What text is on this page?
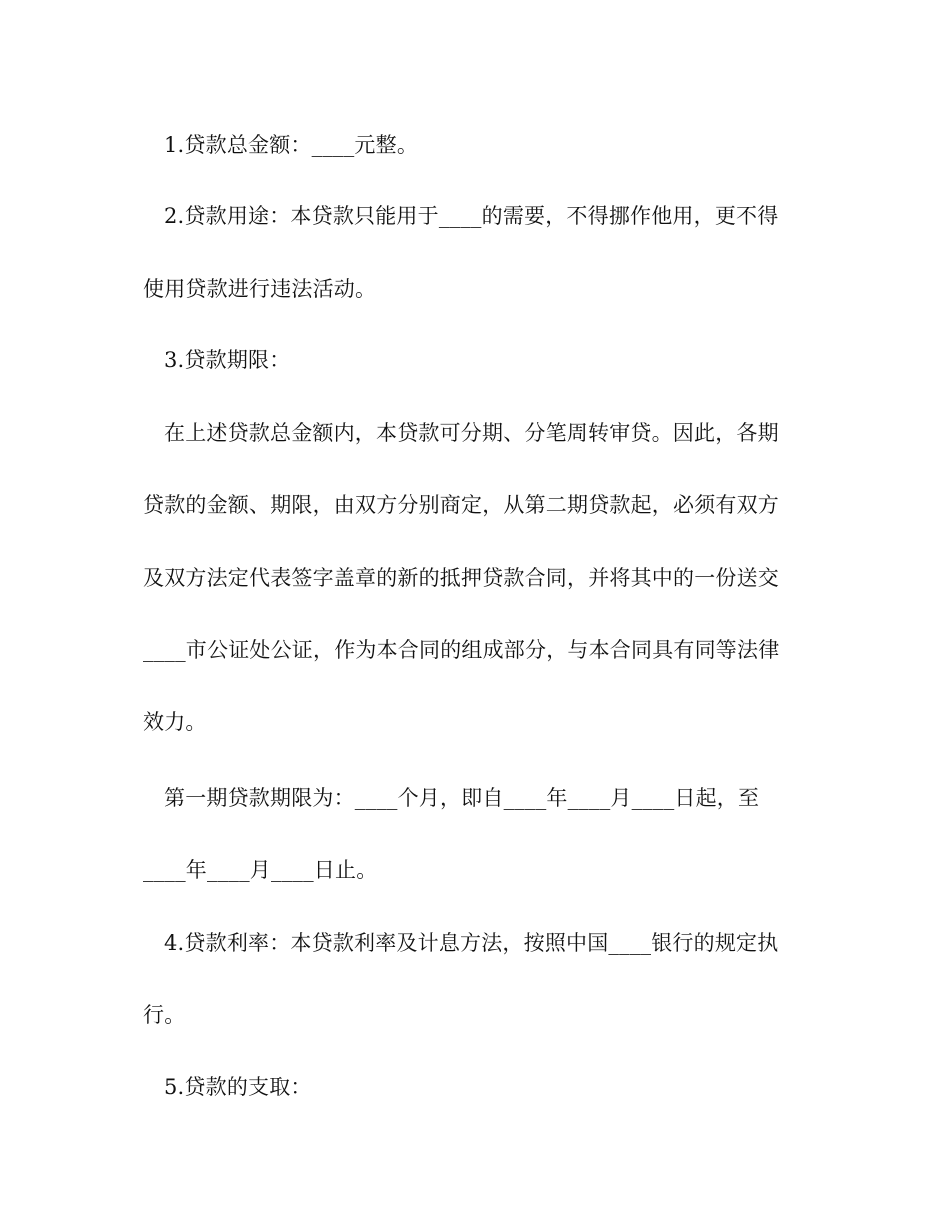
1.贷款总金额：____元整。
2.贷款用途：本贷款只能用于____的需要，不得挪作他用，更不得
使用贷款进行违法活动。
3.贷款期限：
在上述贷款总金额内，本贷款可分期、分笔周转审贷。因此，各期
贷款的金额、期限，由双方分别商定，从第二期贷款起，必须有双方
及双方法定代表签字盖章的新的抵押贷款合同，并将其中的一份送交
____市公证处公证，作为本合同的组成部分，与本合同具有同等法律
效力。
第一期贷款期限为：____个月，即自____年____月____日起，至
____年____月____日止。
4.贷款利率：本贷款利率及计息方法，按照中国____银行的规定执
行。
5.贷款的支取：
